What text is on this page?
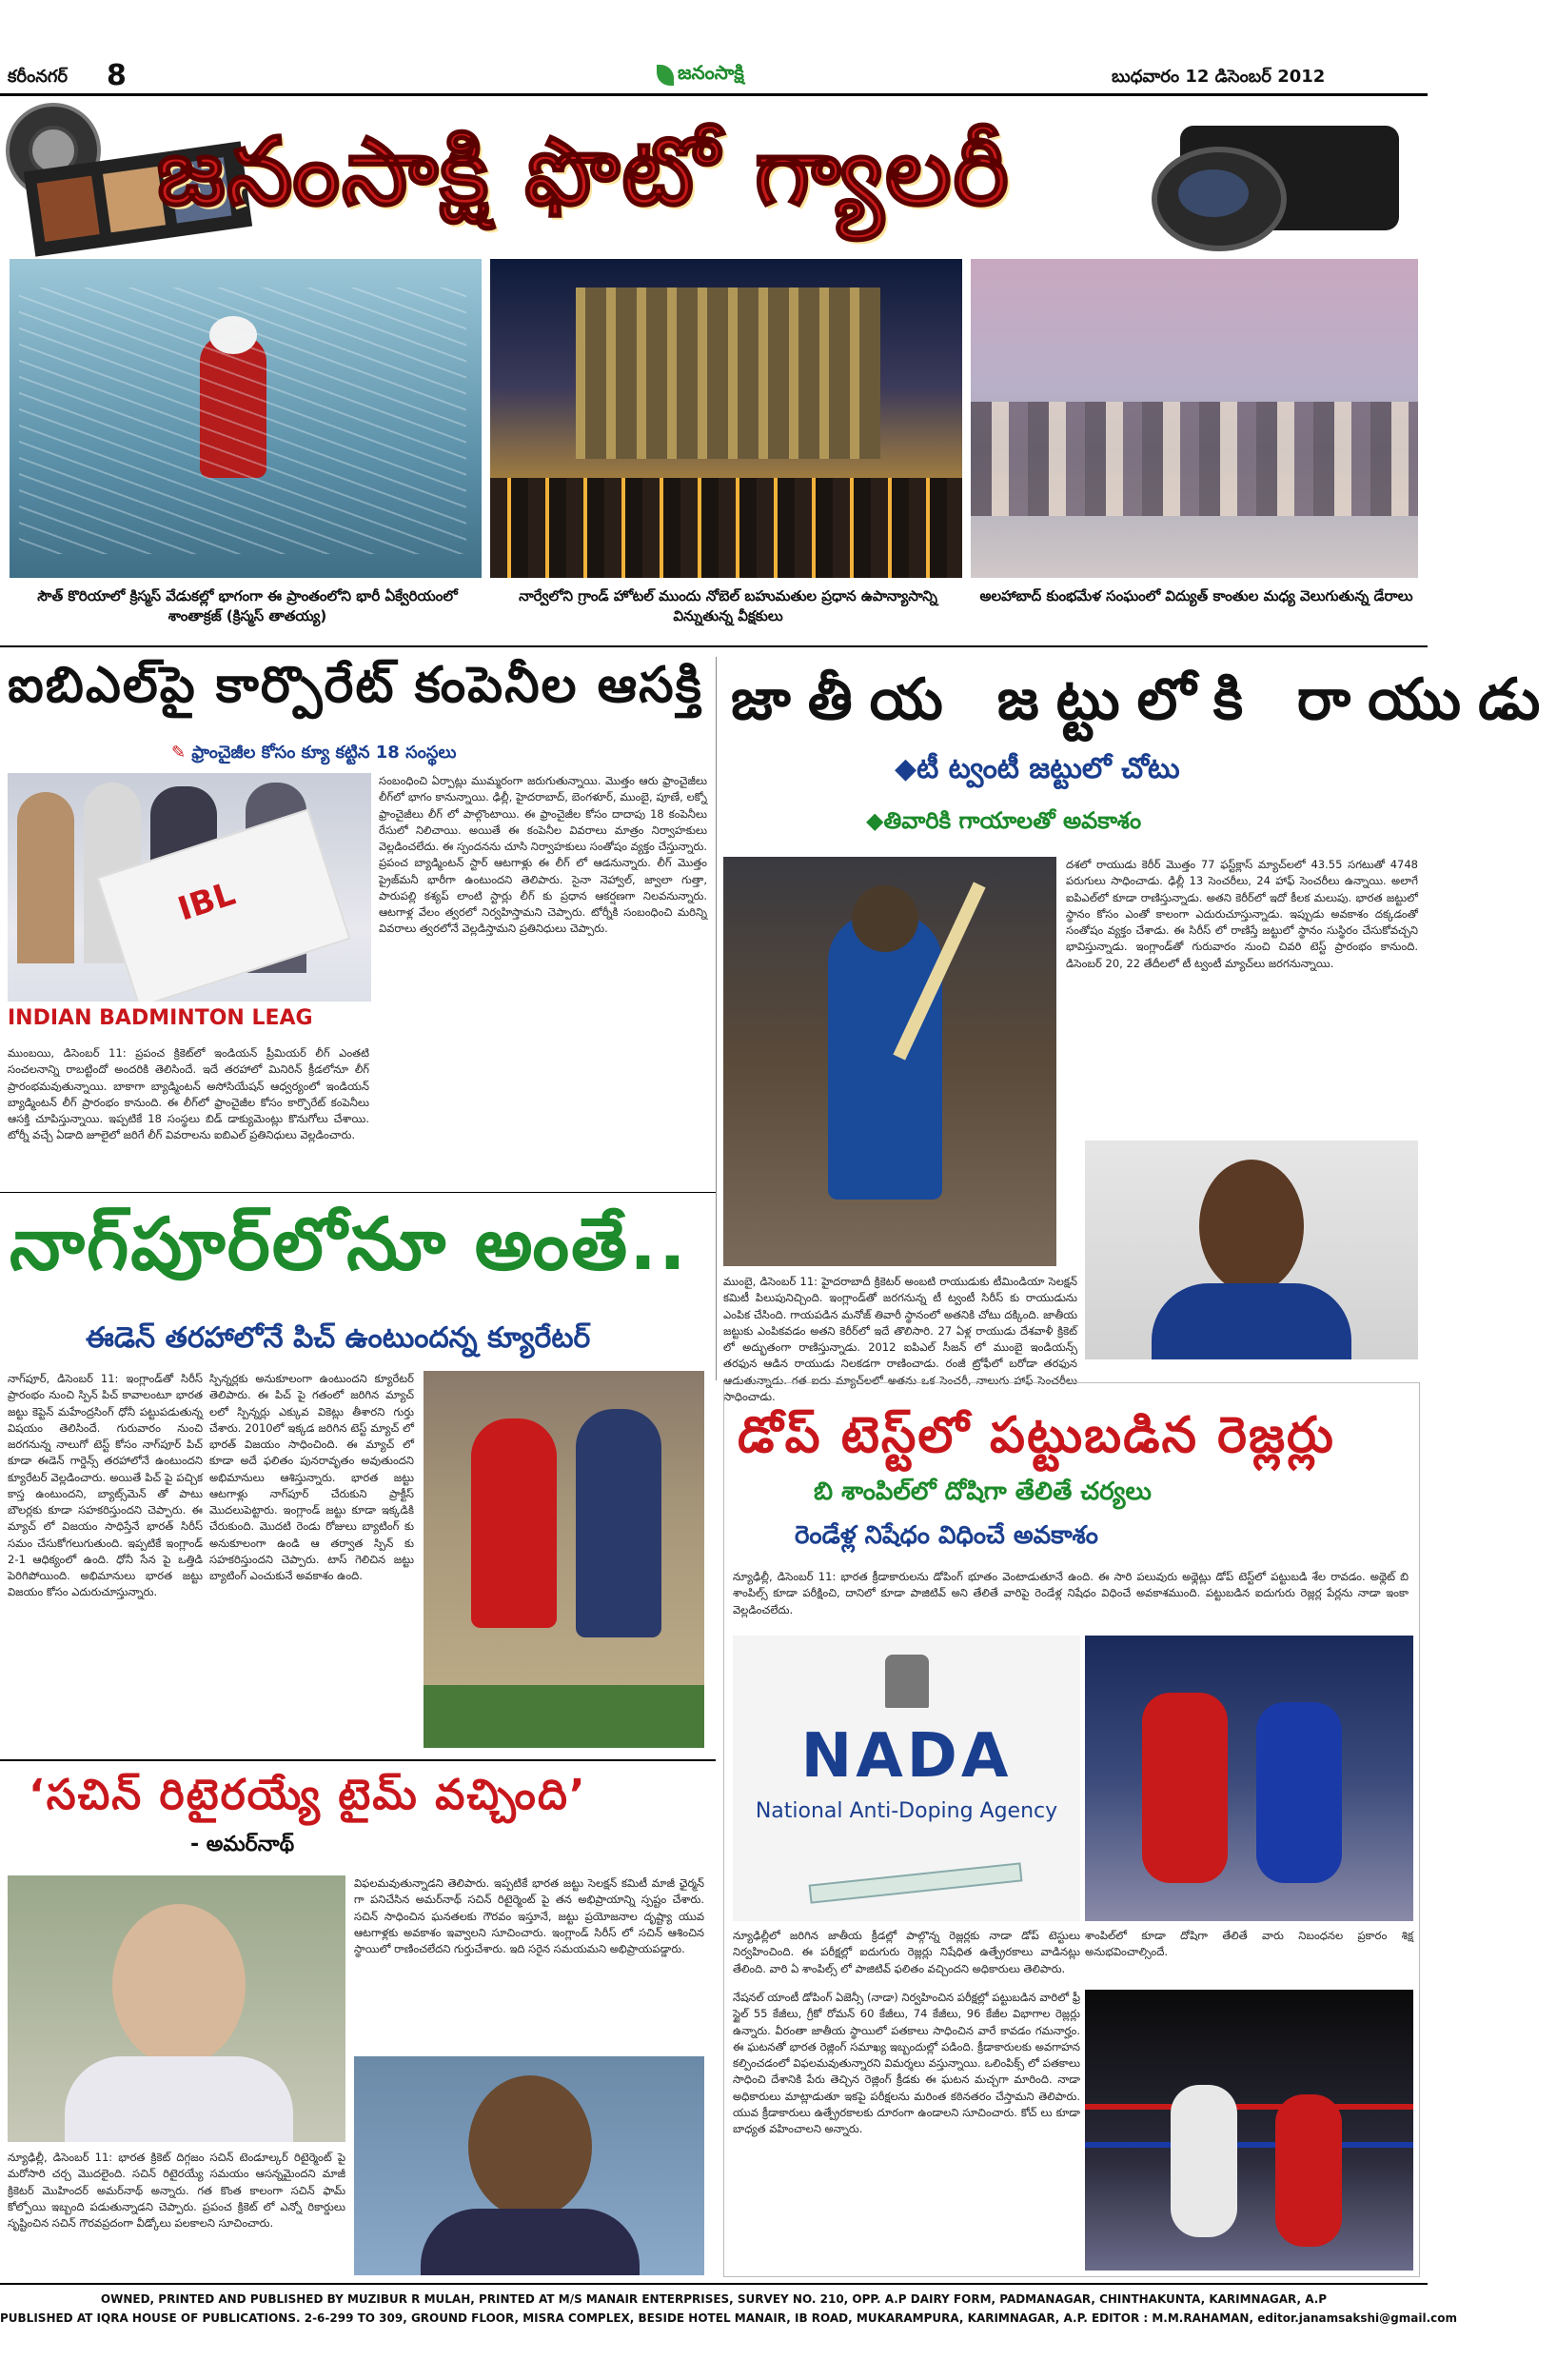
కరీంనగర్ 8	జనంసాక్షి	బుధవారం 12 డిసెంబర్ 2012
జనంసాక్షి ఫొటో గ్యాలరీ
సౌత్ కొరియాలో క్రిస్మస్ వేడుకల్లో భాగంగా ఈ ప్రాంతంలోని భారీ ఏక్వేరియంలో శాంతాక్రజ్ (క్రిస్మస్ తాతయ్య)
నార్వేలోని గ్రాండ్ హోటల్ ముందు నోబెల్ బహుమతుల ప్రధాన ఉపాన్యాసాన్ని విన్నుతున్న వీక్షకులు
అలహాబాద్ కుంభమేళ సంఘంలో విద్యుత్ కాంతుల మధ్య వెలుగుతున్న డేరాలు
ఐబిఎల్‌పై కార్పొరేట్ కంపెనీల ఆసక్తి
✎ ఫ్రాంచైజీల కోసం క్యూ కట్టిన 18 సంస్థలు
IBL
INDIAN BADMINTON LEAG
సంబంధించి ఏర్పాట్లు ముమ్మరంగా జరుగుతున్నాయి. మొత్తం ఆరు ఫ్రాంచైజీలు లీగ్‌లో భాగం కానున్నాయి. ఢిల్లీ, హైదరాబాద్, బెంగళూర్, ముంబై, పూణే, లక్నో ఫ్రాంచైజీలు లీగ్ లో పాల్గొంటాయి. ఈ ఫ్రాంచైజీల కోసం దాదాపు 18 కంపెనీలు రేసులో నిలిచాయి. అయితే ఈ కంపెనీల వివరాలు మాత్రం నిర్వాహకులు వెల్లడించలేదు. ఈ స్పందనను చూసి నిర్వాహకులు సంతోషం వ్యక్తం చేస్తున్నారు. ప్రపంచ బ్యాడ్మింటన్ స్టార్ ఆటగాళ్లు ఈ లీగ్ లో ఆడనున్నారు. లీగ్ మొత్తం ప్రైజ్‌మనీ భారీగా ఉంటుందని తెలిపారు. సైనా నెహ్వాల్, జ్వాలా గుత్తా, పారుపల్లి కశ్యప్ లాంటి స్టార్లు లీగ్ కు ప్రధాన ఆకర్షణగా నిలవనున్నారు. ఆటగాళ్ల వేలం త్వరలో నిర్వహిస్తామని చెప్పారు. టోర్నీకి సంబంధించి మరిన్ని వివరాలు త్వరలోనే వెల్లడిస్తామని ప్రతినిధులు చెప్పారు.
ముంబయి, డిసెంబర్ 11: ప్రపంచ క్రికెట్‌లో ఇండియన్ ప్రీమియర్ లీగ్ ఎంతటి సంచలనాన్ని రాబట్టిందో అందరికి తెలిసిందే. ఇదే తరహాలో మినిరిన్ క్రీడలోనూ లీగ్ ప్రారంభమవుతున్నాయి. బాకాగా బ్యాడ్మింటన్ అసోసియేషన్ ఆధ్వర్యంలో ఇండియన్ బ్యాడ్మింటన్ లీగ్ ప్రారంభం కానుంది. ఈ లీగ్‌లో ఫ్రాంచైజీల కోసం కార్పొరేట్ కంపెనీలు ఆసక్తి చూపిస్తున్నాయి. ఇప్పటికే 18 సంస్థలు బిడ్ డాక్యుమెంట్లు కొనుగోలు చేశాయి. టోర్నీ వచ్చే ఏడాది జూలైలో జరిగే లీగ్ వివరాలను ఐబిఎల్ ప్రతినిధులు వెల్లడించారు.
జాతీయ జట్టులోకి రాయుడు
◆టీ ట్వంటీ జట్టులో చోటు
◆తివారికి గాయాలతో అవకాశం
దశలో రాయుడు కెరీర్ మొత్తం 77 ఫస్ట్‌క్లాస్ మ్యాచ్‌లలో 43.55 సగటుతో 4748 పరుగులు సాధించాడు. ఢిల్లీ 13 సెంచరీలు, 24 హాఫ్ సెంచరీలు ఉన్నాయి. అలాగే ఐపిఎల్‌లో కూడా రాణిస్తున్నాడు. అతని కెరీర్‌లో ఇదో కీలక మలుపు. భారత జట్టులో స్థానం కోసం ఎంతో కాలంగా ఎదురుచూస్తున్నాడు. ఇప్పుడు అవకాశం దక్కడంతో సంతోషం వ్యక్తం చేశాడు. ఈ సిరీస్ లో రాణిస్తే జట్టులో స్థానం సుస్థిరం చేసుకోవచ్చని భావిస్తున్నాడు. ఇంగ్లాండ్‌తో గురువారం నుంచి చివరి టెస్ట్ ప్రారంభం కానుంది. డిసెంబర్ 20, 22 తేదీలలో టీ ట్వంటీ మ్యాచ్‌లు జరగనున్నాయి.
ముంబై, డిసెంబర్ 11: హైదరాబాదీ క్రికెటర్ అంబటి రాయుడుకు టీమిండియా సెలక్షన్ కమిటీ పిలుపునిచ్చింది. ఇంగ్లాండ్‌తో జరగనున్న టీ ట్వంటీ సిరీస్ కు రాయుడును ఎంపిక చేసింది. గాయపడిన మనోజ్ తివారీ స్థానంలో అతనికి చోటు దక్కింది. జాతీయ జట్టుకు ఎంపికవడం అతని కెరీర్‌లో ఇదే తొలిసారి. 27 ఏళ్ల రాయుడు దేశవాళీ క్రికెట్ లో అద్భుతంగా రాణిస్తున్నాడు. 2012 ఐపిఎల్ సీజన్ లో ముంబై ఇండియన్స్ తరఫున ఆడిన రాయుడు నిలకడగా రాణించాడు. రంజీ ట్రోఫీలో బరోడా తరఫున ఆడుతున్నాడు. గత ఐదు మ్యాచ్‌లలో అతను ఒక సెంచరీ, నాలుగు హాఫ్ సెంచరీలు సాధించాడు.
నాగ్‌పూర్‌లోనూ అంతే..
ఈడెన్ తరహాలోనే పిచ్ ఉంటుందన్న క్యూరేటర్
నాగ్‌పూర్, డిసెంబర్ 11: ఇంగ్లాండ్‌తో సిరీస్ ప్రారంభం నుంచి స్పిన్ పిచ్ కావాలంటూ భారత జట్టు కెప్టెన్ మహేంద్రసింగ్ ధోనీ పట్టుపడుతున్న విషయం తెలిసిందే. గురువారం నుంచి జరగనున్న నాలుగో టెస్ట్ కోసం నాగ్‌పూర్ పిచ్ కూడా ఈడెన్ గార్డెన్స్ తరహాలోనే ఉంటుందని క్యూరేటర్ వెల్లడించారు. అయితే పిచ్ పై పచ్చిక కాస్త ఉంటుందని, బ్యాట్స్‌మెన్ తో పాటు బౌలర్లకు కూడా సహకరిస్తుందని చెప్పారు. ఈ మ్యాచ్ లో విజయం సాధిస్తేనే భారత్ సిరీస్ సమం చేసుకోగలుగుతుంది. ఇప్పటికే ఇంగ్లాండ్ 2-1 ఆధిక్యంలో ఉంది. ధోనీ సేన పై ఒత్తిడి పెరిగిపోయింది. అభిమానులు భారత జట్టు విజయం కోసం ఎదురుచూస్తున్నారు.
స్పిన్నర్లకు అనుకూలంగా ఉంటుందని క్యూరేటర్ తెలిపారు. ఈ పిచ్ పై గతంలో జరిగిన మ్యాచ్ లలో స్పిన్నర్లు ఎక్కువ వికెట్లు తీశారని గుర్తు చేశారు. 2010లో ఇక్కడ జరిగిన టెస్ట్ మ్యాచ్ లో భారత్ విజయం సాధించింది. ఈ మ్యాచ్ లో కూడా అదే ఫలితం పునరావృతం అవుతుందని అభిమానులు ఆశిస్తున్నారు. భారత జట్టు ఆటగాళ్లు నాగ్‌పూర్ చేరుకుని ప్రాక్టీస్ మొదలుపెట్టారు. ఇంగ్లాండ్ జట్టు కూడా ఇక్కడికి చేరుకుంది. మొదటి రెండు రోజులు బ్యాటింగ్ కు అనుకూలంగా ఉండి ఆ తర్వాత స్పిన్ కు సహకరిస్తుందని చెప్పారు. టాస్ గెలిచిన జట్టు బ్యాటింగ్ ఎంచుకునే అవకాశం ఉంది.
‘సచిన్ రిటైరయ్యే టైమ్ వచ్చింది’
- అమర్‌నాథ్
విఫలమవుతున్నాడని తెలిపారు. ఇప్పటికే భారత జట్టు సెలక్షన్ కమిటీ మాజీ ఛైర్మన్ గా పనిచేసిన అమర్‌నాథ్ సచిన్ రిటైర్మెంట్ పై తన అభిప్రాయాన్ని స్పష్టం చేశారు. సచిన్ సాధించిన ఘనతలకు గౌరవం ఇస్తూనే, జట్టు ప్రయోజనాల దృష్ట్యా యువ ఆటగాళ్లకు అవకాశం ఇవ్వాలని సూచించారు. ఇంగ్లాండ్ సిరీస్ లో సచిన్ ఆశించిన స్థాయిలో రాణించలేదని గుర్తుచేశారు. ఇది సరైన సమయమని అభిప్రాయపడ్డారు.
న్యూఢిల్లీ, డిసెంబర్ 11: భారత క్రికెట్ దిగ్గజం సచిన్ టెండూల్కర్ రిటైర్మెంట్ పై మరోసారి చర్చ మొదలైంది. సచిన్ రిటైరయ్యే సమయం ఆసన్నమైందని మాజీ క్రికెటర్ మొహిందర్ అమర్‌నాథ్ అన్నారు. గత కొంత కాలంగా సచిన్ ఫామ్ కోల్పోయి ఇబ్బంది పడుతున్నాడని చెప్పారు. ప్రపంచ క్రికెట్ లో ఎన్నో రికార్డులు సృష్టించిన సచిన్ గౌరవప్రదంగా వీడ్కోలు పలకాలని సూచించారు.
డోప్ టెస్ట్‌లో పట్టుబడిన రెజ్లర్లు
బి శాంపిల్‌లో దోషిగా తేలితే చర్యలు
రెండేళ్ల నిషేధం విధించే అవకాశం
న్యూఢిల్లీ, డిసెంబర్ 11: భారత క్రీడాకారులను డోపింగ్ భూతం వెంటాడుతూనే ఉంది. ఈ సారి పలువురు అథ్లెట్లు డోప్ టెస్ట్‌లో పట్టుబడి శేల రావడం. అథ్లెట్ బి శాంపిల్స్ కూడా పరీక్షించి, దానిలో కూడా పాజిటివ్ అని తేలితే వారిపై రెండేళ్ల నిషేధం విధించే అవకాశముంది. పట్టుబడిన ఐదుగురు రెజ్లర్ల పేర్లను నాడా ఇంకా వెల్లడించలేదు.
NADA
National Anti-Doping Agency
న్యూఢిల్లీలో జరిగిన జాతీయ క్రీడల్లో పాల్గొన్న రెజ్లర్లకు నాడా డోప్ టెస్టులు నిర్వహించింది. ఈ పరీక్షల్లో ఐదుగురు రెజ్లర్లు నిషేధిత ఉత్ప్రేరకాలు వాడినట్లు తేలింది. వారి ఏ శాంపిల్స్ లో పాజిటివ్ ఫలితం వచ్చిందని అధికారులు తెలిపారు.
శాంపిల్‌లో కూడా దోషిగా తేలితే వారు నిబంధనల ప్రకారం శిక్ష అనుభవించాల్సిందే.
నేషనల్ యాంటీ డోపింగ్ ఏజెన్సీ (నాడా) నిర్వహించిన పరీక్షల్లో పట్టుబడిన వారిలో ఫ్రీ స్టైల్ 55 కేజీలు, గ్రీకో రోమన్ 60 కేజీలు, 74 కేజీలు, 96 కేజీల విభాగాల రెజ్లర్లు ఉన్నారు. వీరంతా జాతీయ స్థాయిలో పతకాలు సాధించిన వారే కావడం గమనార్హం. ఈ ఘటనతో భారత రెజ్లింగ్ సమాఖ్య ఇబ్బందుల్లో పడింది. క్రీడాకారులకు అవగాహన కల్పించడంలో విఫలమవుతున్నారని విమర్శలు వస్తున్నాయి. ఒలింపిక్స్ లో పతకాలు సాధించి దేశానికి పేరు తెచ్చిన రెజ్లింగ్ క్రీడకు ఈ ఘటన మచ్చగా మారింది. నాడా అధికారులు మాట్లాడుతూ ఇకపై పరీక్షలను మరింత కఠినతరం చేస్తామని తెలిపారు. యువ క్రీడాకారులు ఉత్ప్రేరకాలకు దూరంగా ఉండాలని సూచించారు. కోచ్ లు కూడా బాధ్యత వహించాలని అన్నారు.
OWNED, PRINTED AND PUBLISHED BY MUZIBUR R MULAH, PRINTED AT M/S MANAIR ENTERPRISES, SURVEY NO. 210, OPP. A.P DAIRY FORM, PADMANAGAR, CHINTHAKUNTA, KARIMNAGAR, A.P
PUBLISHED AT IQRA HOUSE OF PUBLICATIONS. 2-6-299 TO 309, GROUND FLOOR, MISRA COMPLEX, BESIDE HOTEL MANAIR, IB ROAD, MUKARAMPURA, KARIMNAGAR, A.P. EDITOR : M.M.RAHAMAN, editor.janamsakshi@gmail.com
